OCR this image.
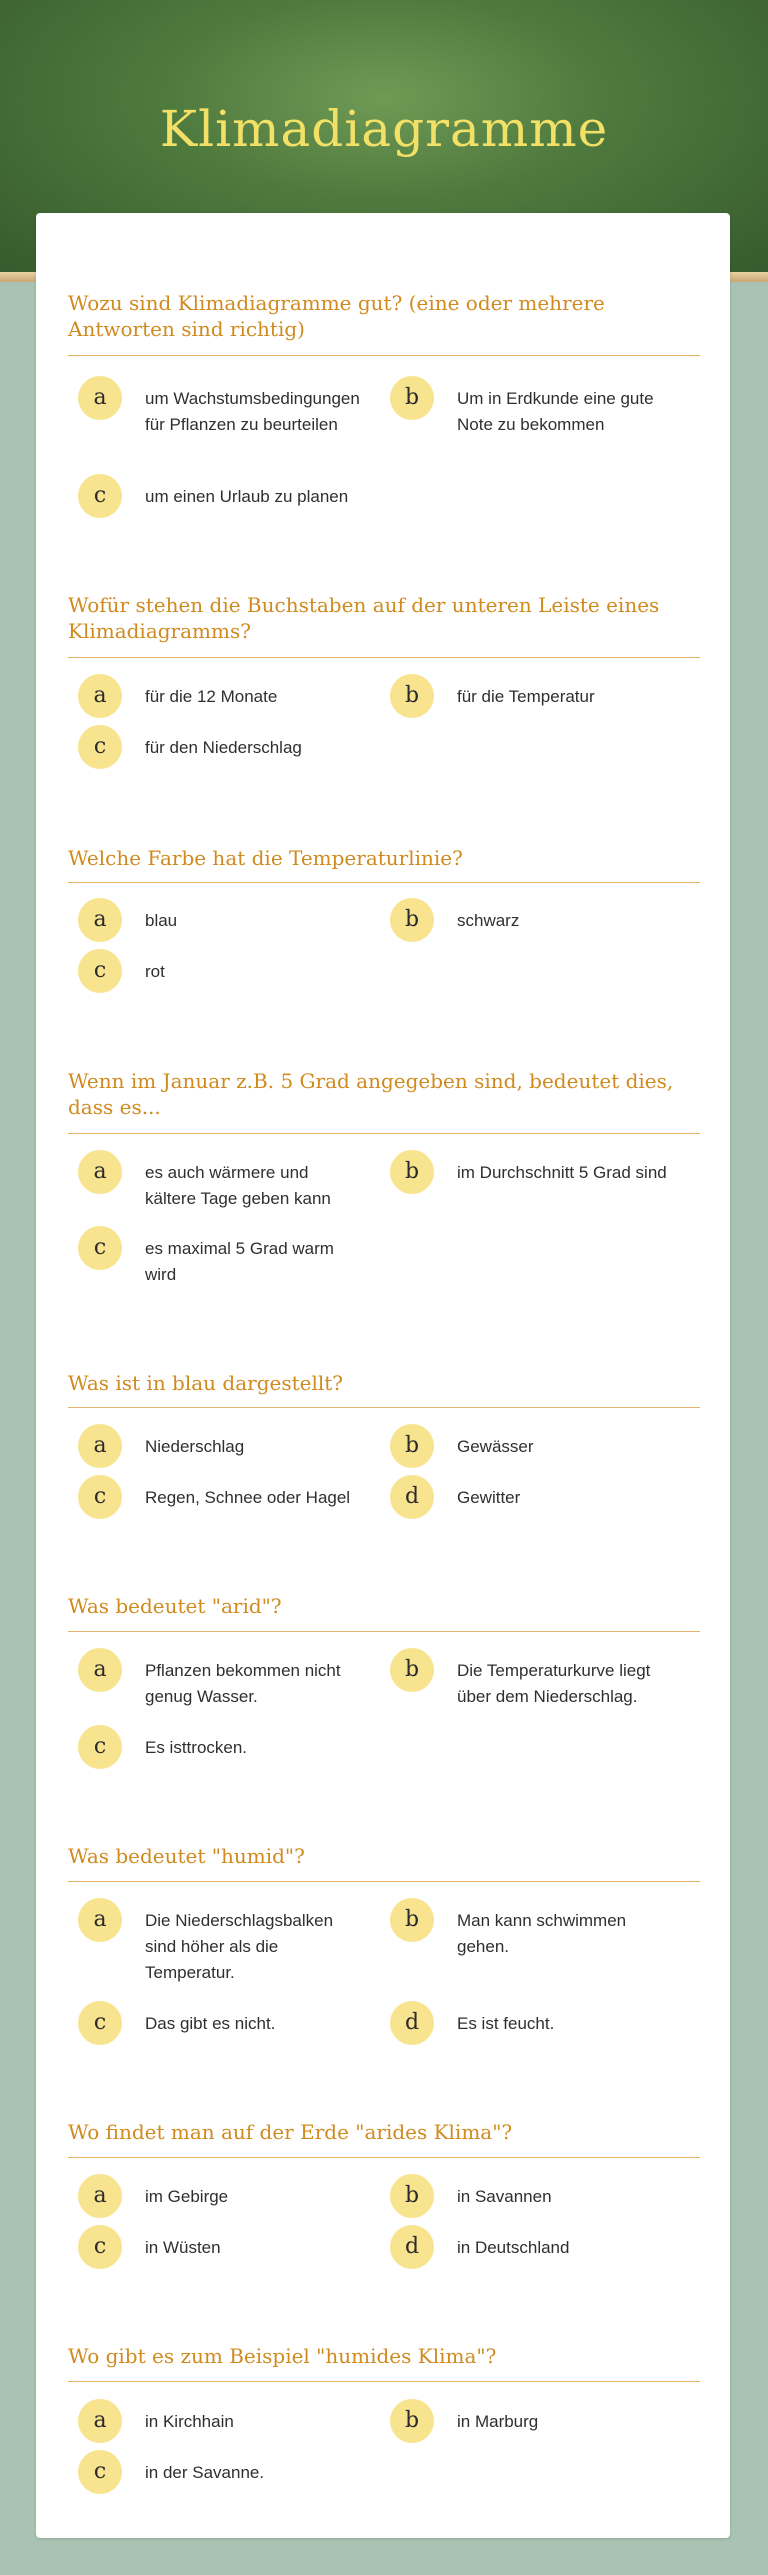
Klimadiagramme
Wozu sind Klimadiagramme gut? (eine oder mehrere Antworten sind richtig)
a	um Wachstumsbedingungen für Pflanzen zu beurteilen
b	Um in Erdkunde eine gute Note zu bekommen
c	um einen Urlaub zu planen
Wofür stehen die Buchstaben auf der unteren Leiste eines Klimadiagramms?
a	für die 12 Monate	b	für die Temperatur
c	für den Niederschlag
Welche Farbe hat die Temperaturlinie?
a	blau	b	schwarz
c	rot
Wenn im Januar z.B. 5 Grad angegeben sind, bedeutet dies, dass es...
a	es auch wärmere und kältere Tage geben kann
b	im Durchschnitt 5 Grad sind
c	es maximal 5 Grad warm wird
Was ist in blau dargestellt?
a	Niederschlag	b	Gewässer
c	Regen, Schnee oder Hagel	d	Gewitter
Was bedeutet "arid"?
a	Pflanzen bekommen nicht genug Wasser.
b	Die Temperaturkurve liegt über dem Niederschlag.
c	Es isttrocken.
Was bedeutet "humid"?
a	Die Niederschlagsbalken sind höher als die Temperatur.
b	Man kann schwimmen gehen.
c	Das gibt es nicht.	d	Es ist feucht.
Wo findet man auf der Erde "arides Klima"?
a	im Gebirge	b	in Savannen
c	in Wüsten	d	in Deutschland
Wo gibt es zum Beispiel "humides Klima"?
a	in Kirchhain	b	in Marburg
c	in der Savanne.
